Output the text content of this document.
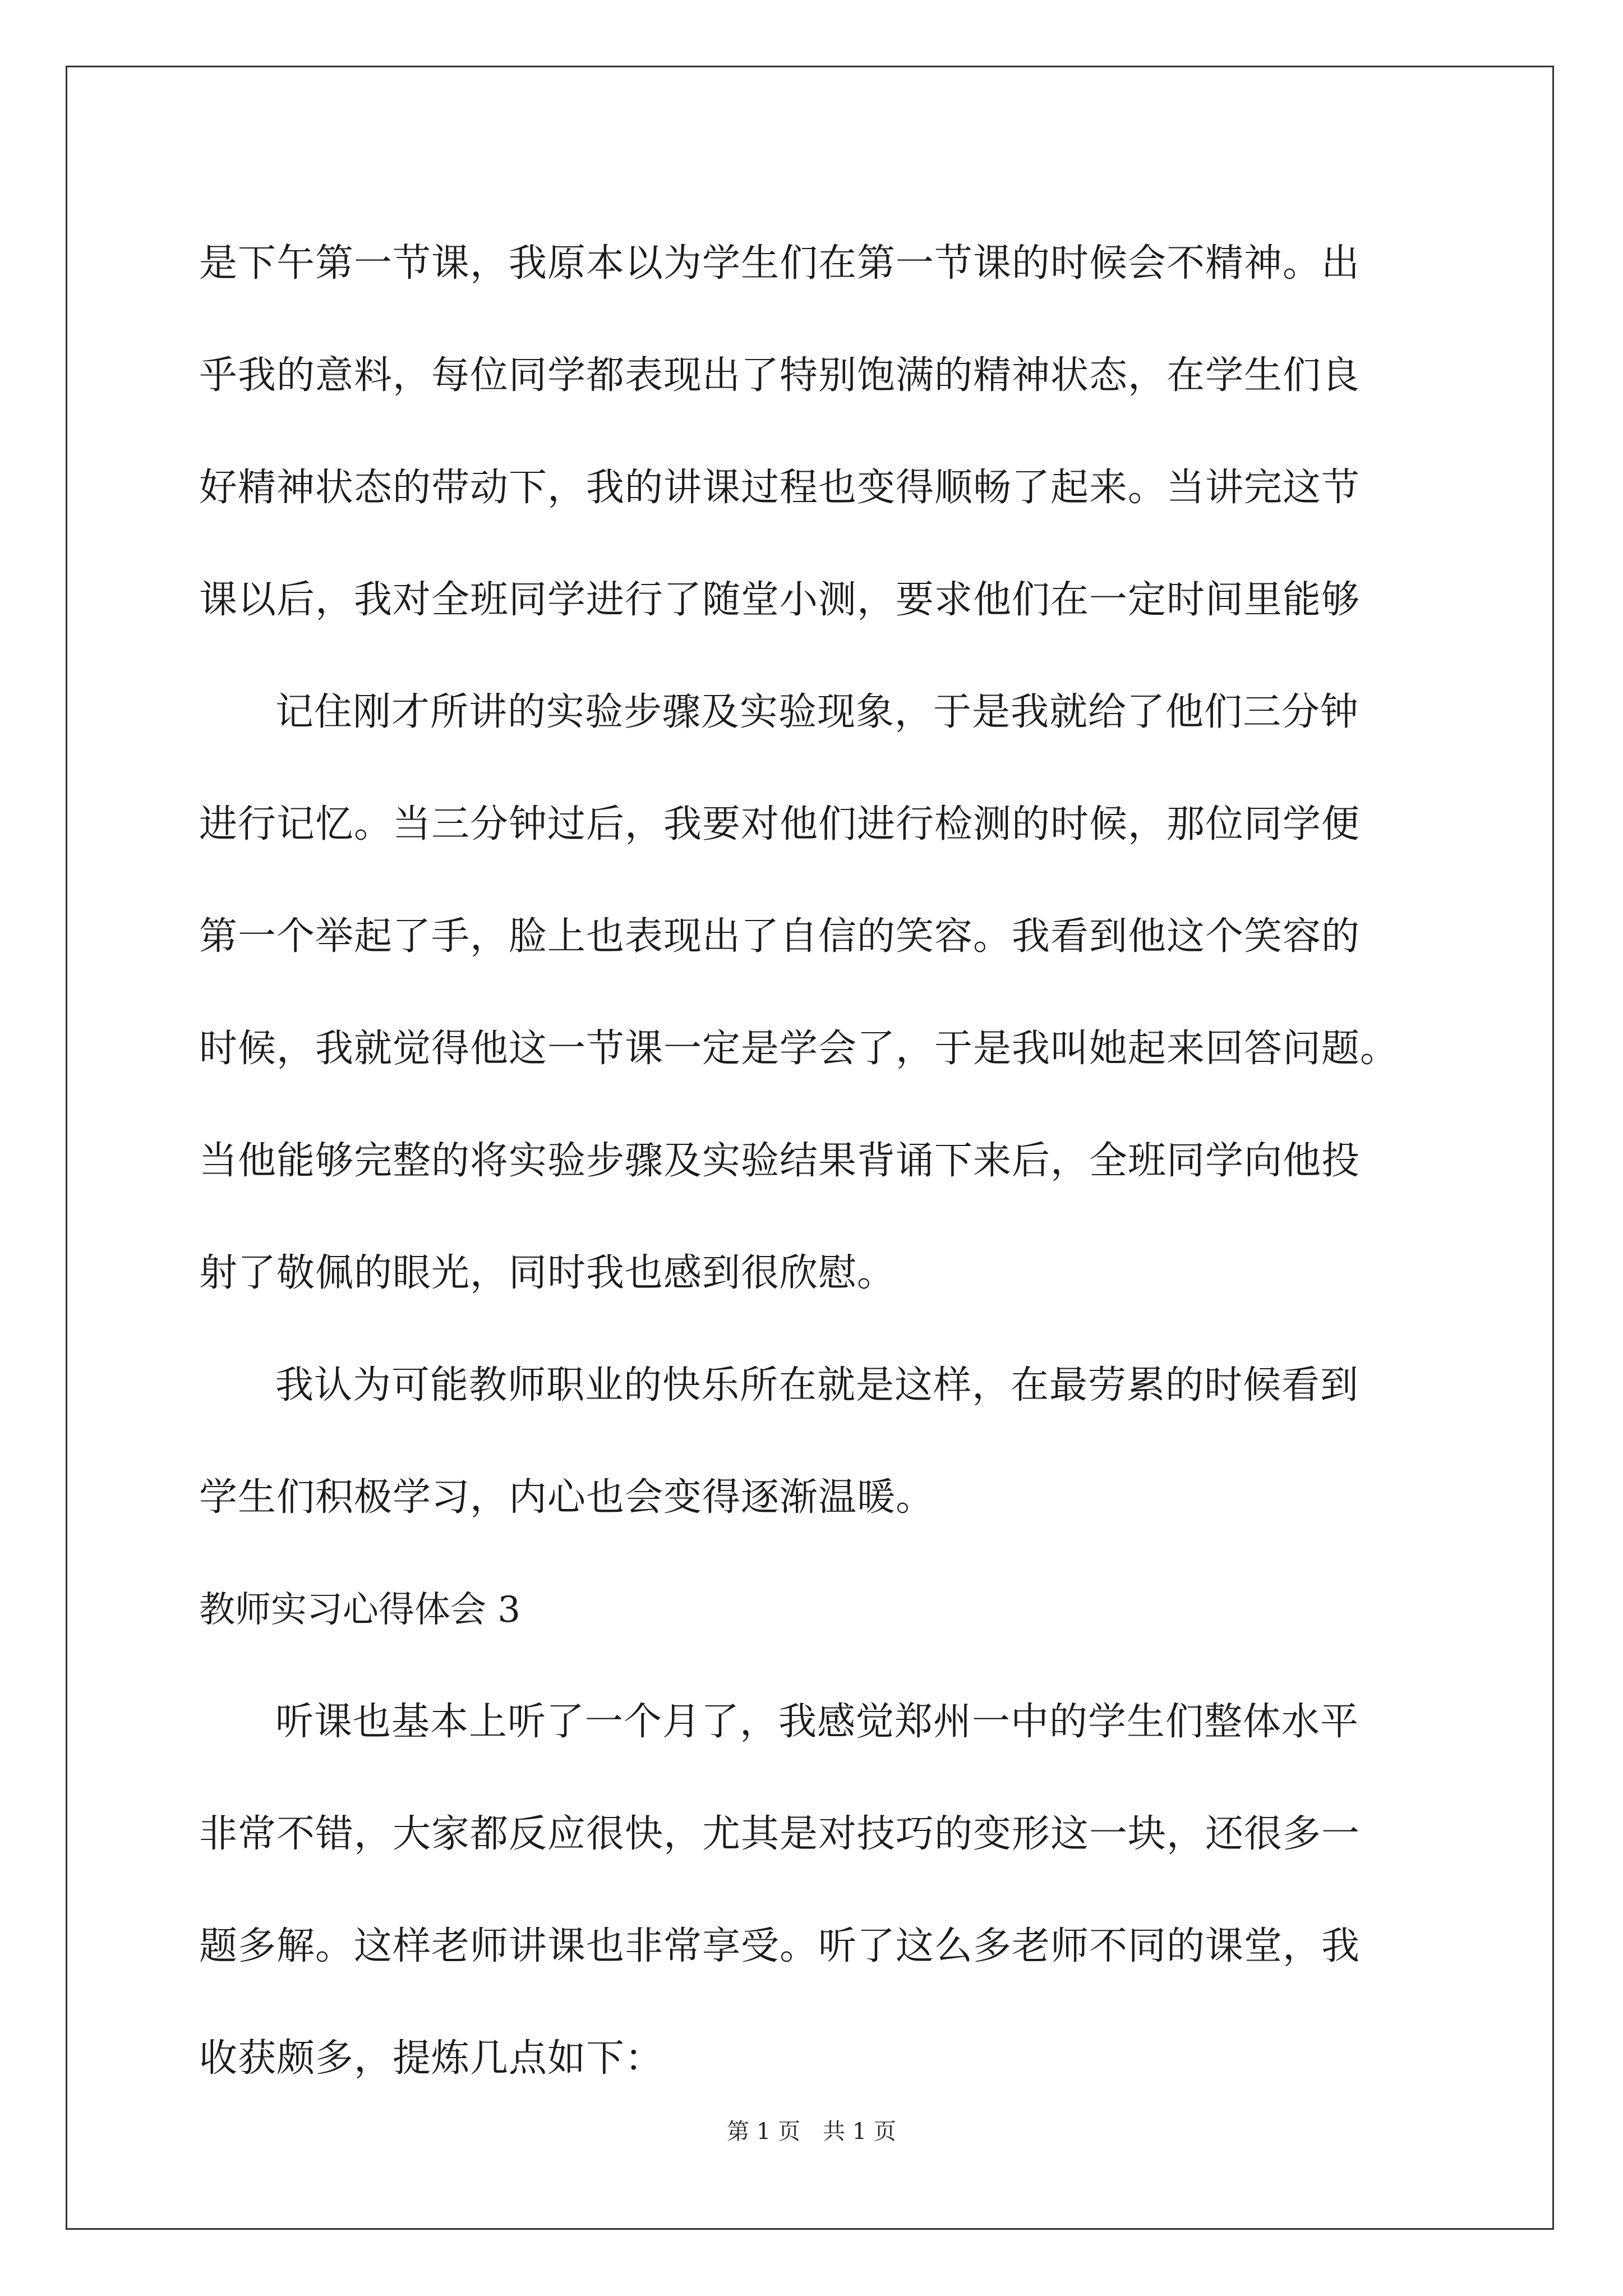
是下午第一节课，我原本以为学生们在第一节课的时候会不精神。出
乎我的意料，每位同学都表现出了特别饱满的精神状态，在学生们良
好精神状态的带动下，我的讲课过程也变得顺畅了起来。当讲完这节
课以后，我对全班同学进行了随堂小测，要求他们在一定时间里能够
记住刚才所讲的实验步骤及实验现象，于是我就给了他们三分钟
进行记忆。当三分钟过后，我要对他们进行检测的时候，那位同学便
第一个举起了手，脸上也表现出了自信的笑容。我看到他这个笑容的
时候，我就觉得他这一节课一定是学会了，于是我叫她起来回答问题。
当他能够完整的将实验步骤及实验结果背诵下来后，全班同学向他投
射了敬佩的眼光，同时我也感到很欣慰。
我认为可能教师职业的快乐所在就是这样，在最劳累的时候看到
学生们积极学习，内心也会变得逐渐温暖。
教师实习心得体会 3
听课也基本上听了一个月了，我感觉郑州一中的学生们整体水平
非常不错，大家都反应很快，尤其是对技巧的变形这一块，还很多一
题多解。这样老师讲课也非常享受。听了这么多老师不同的课堂，我
收获颇多，提炼几点如下：
第 1 页　共 1 页
